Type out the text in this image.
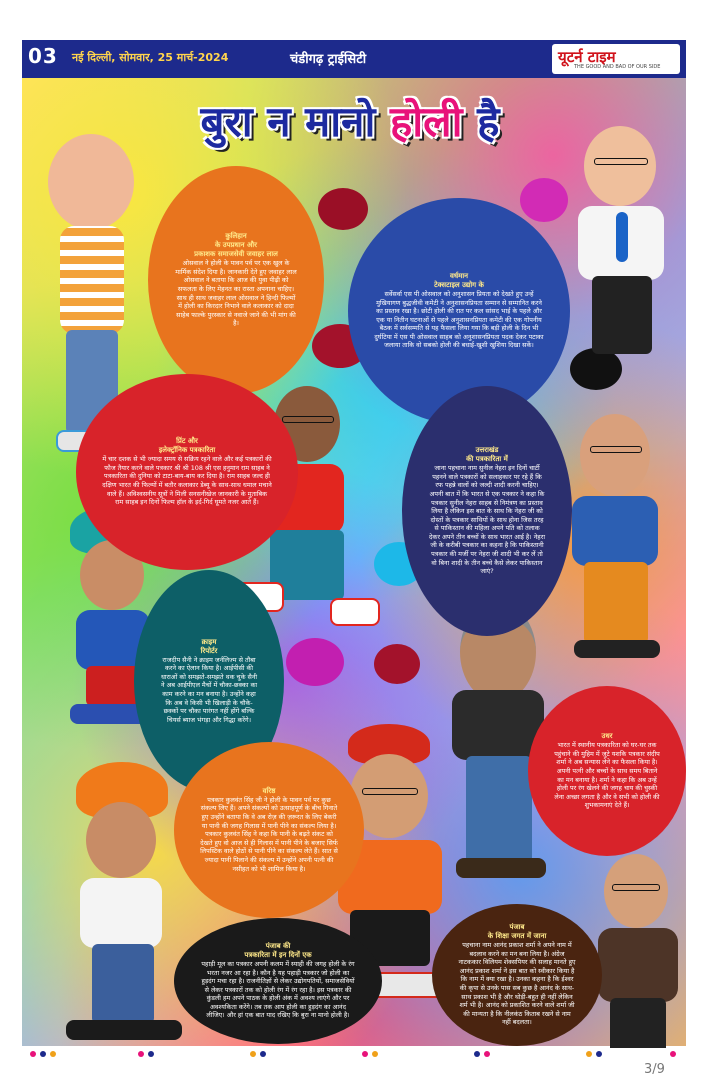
03 नई दिल्ली, सोमवार, 25 मार्च-2024	चंडीगढ़ ट्राईसिटी	यूटर्न टाइम
THE GOOD AND BAD OF OUR SIDE
बुरा न मानो होली है
कुलिहान
के उपप्रधान और
प्रकाशक समाजसेवी जवाहर लाल
ओसवाल ने होली के पावन पर्व पर एक खुल के मार्मिक संदेश दिया है। जानकारी देते हुए जवाहर लाल ओसवाल ने बताया कि आज की युवा पीढ़ी को सफलता के लिए मेहनत का रास्ता अपनाना चाहिए। साथ ही साथ जवाहर लाल ओसवाल ने हिन्दी फिल्मों में होली का किरदार निभाने वाले कलाकार को दादा साहेब फाल्के पुरस्कार से नवाजे जाने की भी मांग की है।
वर्धमान
टेक्सटाइल उद्योग के
सर्वेसर्वा एस पी ओसवाल को अनुशासन प्रियता को देखते हुए उन्हें मुखियागण बुद्धजीवी कमेटी ने अनुशासनप्रियता सम्मान से सम्मानित करने का प्रस्ताव रखा है। छोटी होली की रात पर कल सांसद भाई के पहले और एक या नितीन घटनाओं से पहले अनुशासनप्रियता कमेटी की एक गोपनीय बैठक में सर्वसम्मति से यह फैसला लिया गया कि बड़ी होली के दिन भी दुर्घटिया में एस पी ओसवाल साहब को अनुशासनप्रियता पदक देकर पटाका जलाया ताकि वो सबको होली की बधाई-खुशी खुशिया दिखा सकें।
प्रिंट और
इलेक्ट्रॉनिक पत्रकारिता
में चार दशक से भी ज्यादा समय से सक्रिय रहने वाले और कई पत्रकारों की फौज तैयार करने वाले पत्रकार श्री श्री 108 श्री एस हनुमान राम साहब ने पत्रकारिता की दुनिया को टाटा-बाय-बाय कर दिया है। राम साहब जल्द ही दक्षिण भारत की फिल्मों में बतौर कलाकार डेब्यू के साथ-साथ धमाल मचाने वाले हैं। अविश्वसनीय सूत्रों ने मिली सनसनीखेज जानकारी के मुताबिक राम साहब इन दिनों फिल्म हॉल के इर्द-गिर्द घूमते नजर आते हैं।
उत्तराखंड
की पत्रकारिता में
जाना पहचाना नाम सुनील नेहरा इन दिनों चार्टी पहनने वाले पत्रकारों को सलाहकार पर रहे हैं कि रफ पहन्ने वालों को जल्दी शादी करनी चाहिए। अपनी बात में कि भारत से एक पत्रकार ने कहा कि पत्रकार सुनील नेहरा साहब से निमंत्रण का प्रस्ताव लिया है लेकिन इस बात के साथ कि नेहरा जी को दोस्तों के पत्रकार साथियों के साथ होना जिस तरह से पाकिस्तान की महिला अपने पति को तलाक देकर अपने तीन बच्चों के साथ भारत आई है। नेहरा जी के करीबी पत्रकार का कहना है कि पाकिस्तानी पत्रकार की मर्जी पर नेहरा जी शादी भी कर लें तो वो बिना शादी के तीन बच्चे कैसे लेकर पाकिस्तान जाएं?
क्राइम
रिपोर्टर
राजदीप सैनी ने क्राइम जर्नलिज्म से तौबा करने का ऐलान किया है। आईपीसी की धाराओं को समझते-समझते थक चुके सैनी ने अब आईपीएल मैचों में चौका-छक्का का काम करने का मन बनाया है। उन्होंने कहा कि अब वे किसी भी खिलाड़ी के चौके-छक्कों पर चौका पारंगत नहीं होंगे बल्कि चियर्स ब्याज भंगड़ा और गिद्धा करेंगे।
वरिष्ठ
पत्रकार कुलवंत सिंह जी ने होली के पावन पर्व पर कुछ संकल्प लिए हैं। अपने संकल्पों को उत्साहपूर्ण के बीच गिनाते हुए उन्होंने बताया कि वे अब रोज़ की ज़रूरत के लिए बेकरी या पानी की जगह गिलास में पानी पीने का संकल्प लिया है। पत्रकार कुलवंत सिंह ने कहा कि पानी के बढ़ते संकट को देखते हुए वो आज से ही गिलास में पानी पीने के बजाए सिर्फ लिपस्टिक वाले होठों से पानी पीने का संकल्प लेते हैं। सात से ज्यादा पानी पिलाने की संकल्प में उन्होंने अपनी पत्नी की नसीहत को भी शामिल किया है।
उधर
भारत में स्थानीय पत्रकारिता को घर-घर तक पहुंचाने की मुहिम में जुटे यशकि पत्रकार संदीप शर्मा ने अब सन्यास लेने का फैसला किया है। अपनी पत्नी और बच्चों के साथ समय बिताने का मन बनाया है। शर्मा ने कहा कि अब उन्हें होली पर रंग खेलने की जगह चाय की चुस्की लेना अच्छा लगता है और वे सभी को होली की शुभकामनाएं देते हैं।
पंजाब की
पत्रकारिता में इन दिनों एक
पहाड़ी मूल का पत्रकार अपनी कलम में स्याही की जगह होली के रंग भरता नजर आ रहा है। कौन है यह पहाड़ी पत्रकार जो होली का हुड़दंग मचा रहा है। राजनीतिज्ञों से लेकर उद्योगपतियों, समाजसेवियों से लेकर पत्रकारों तक को होली रंग में रंग रहा है। इस पत्रकार की कुंडली हम अपने पाठक के होली अंक में अवश्य लाएंगे और पर अवश्यकिता करेंगे। तब तक आप होली का हुड़दंग का आनंद लीजिए। और हां एक बात याद रखिए कि बुरा ना मानो होली है।
पंजाब
के शिक्षा जगत में जाना
पहचाना नाम आनंद प्रकाश शर्मा ने अपने नाम में बदलाव करने का मन बना लिया है। अंग्रेज नाटककार विलियम शेक्सपियर की सलाह मानते हुए आनंद प्रकाश शर्मा ने इस बात को स्वीकार किया है कि नाम में क्या रखा है। उनका कहना है कि ईश्वर की कृपा से उनके पास सब कुछ है आनंद के साथ-साथ प्रकाश भी है और थोड़ी-बहुत ही नहीं लेकिन शर्म भी है। आनंद को प्रकाशित करने वाले शर्मा जी की मान्यता है कि नीलकंठ किताब रखने से नाम नहीं बदलता।
3/9
